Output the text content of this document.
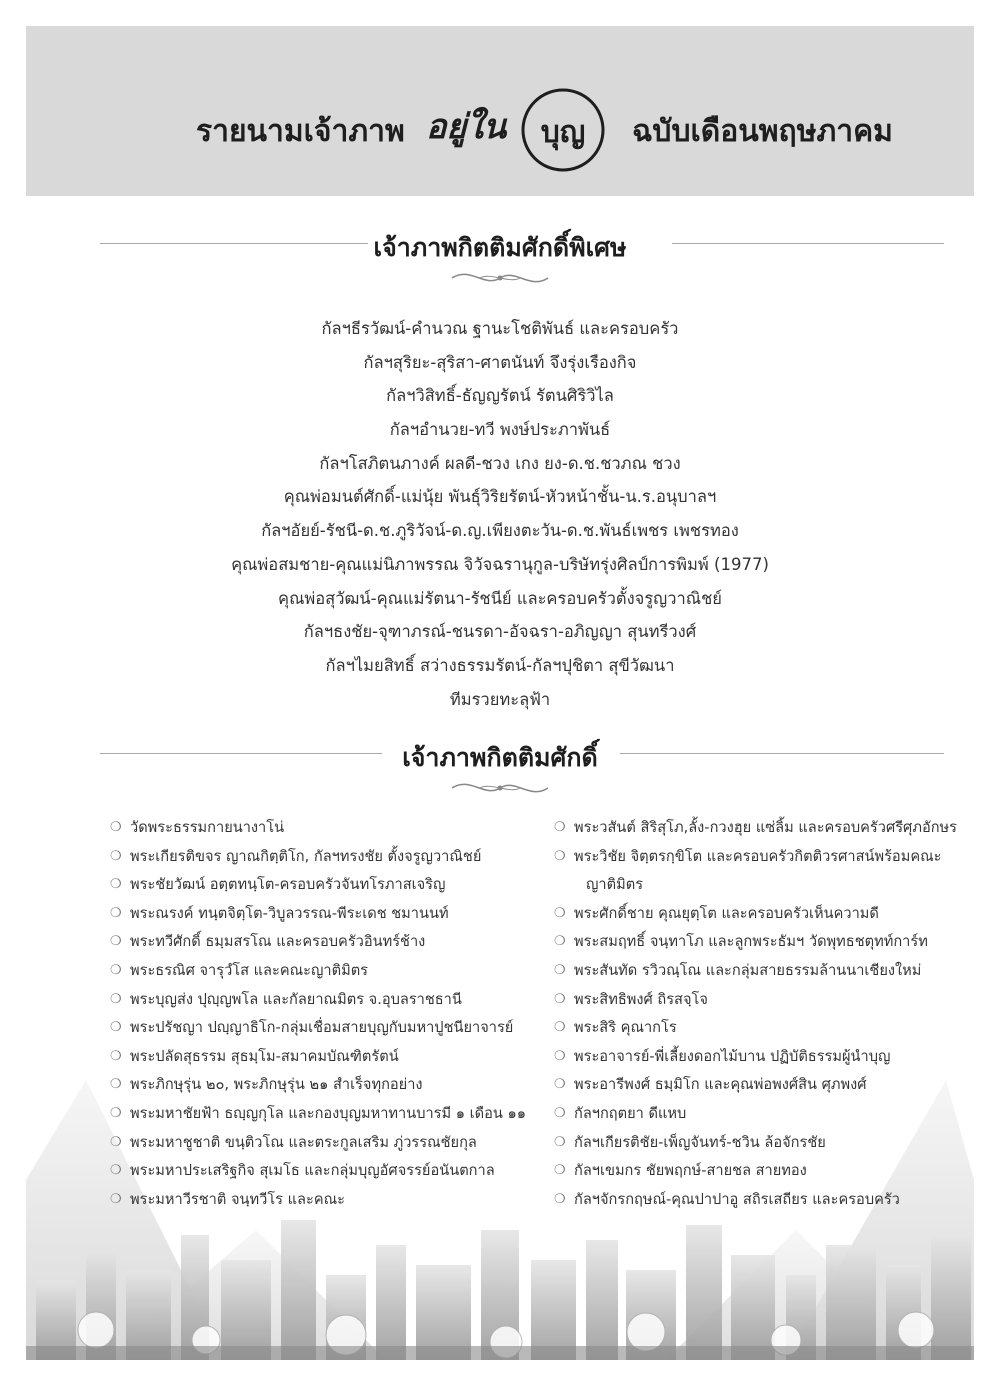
รายนามเจ้าภาพ อยู่ใน บุญ ฉบับเดือนพฤษภาคม
เจ้าภาพกิตติมศักดิ์พิเศษ
กัลฯธีรวัฒน์-คำนวณ ฐานะโชติพันธ์ และครอบครัว
กัลฯสุริยะ-สุริสา-ศาตนันท์ จึงรุ่งเรืองกิจ
กัลฯวิสิทธิ์-ธัญญรัตน์ รัตนศิริวิไล
กัลฯอำนวย-ทวี พงษ์ประภาพันธ์
กัลฯโสภิตนภางค์ ผลดี-ชวง เกง ยง-ด.ช.ชวภณ ชวง
คุณพ่อมนต์ศักดิ์-แม่นุ้ย พันธุ์วิริยรัตน์-หัวหน้าชั้น-น.ร.อนุบาลฯ
กัลฯอัยย์-รัชนี-ด.ช.ภูริวัจน์-ด.ญ.เพียงตะวัน-ด.ช.พันธ์เพชร เพชรทอง
คุณพ่อสมชาย-คุณแม่นิภาพรรณ จิวัจฉรานุกูล-บริษัทรุ่งศิลป์การพิมพ์ (1977)
คุณพ่อสุวัฒน์-คุณแม่รัตนา-รัชนีย์ และครอบครัวตั้งจรูญวาณิชย์
กัลฯธงชัย-จุฑาภรณ์-ชนรดา-อัจฉรา-อภิญญา สุนทรีวงศ์
กัลฯไมยสิทธิ์ สว่างธรรมรัตน์-กัลฯปุชิตา สุขีวัฒนา
ทีมรวยทะลุฟ้า
เจ้าภาพกิตติมศักดิ์
❍ วัดพระธรรมกายนางาโน่
❍ พระเกียรติขจร ญาณกิตฺติโก, กัลฯทรงชัย ตั้งจรูญวาณิชย์
❍ พระชัยวัฒน์ อตฺตทนฺโต-ครอบครัวจันทโรภาสเจริญ
❍ พระณรงค์ ทนฺตจิตฺโต-วิบูลวรรณ-พีระเดช ชมานนท์
❍ พระทวีศักดิ์ ธมฺมสรโณ และครอบครัวอินทร์ช้าง
❍ พระธรณิศ จารุวํโส และคณะญาติมิตร
❍ พระบุญส่ง ปุญฺญพโล และกัลยาณมิตร จ.อุบลราชธานี
❍ พระปรัชญา ปญฺญาธิโก-กลุ่มเชื่อมสายบุญกับมหาปูชนียาจารย์
❍ พระปลัดสุธรรม สุธมฺโม-สมาคมบัณฑิตรัตน์
❍ พระภิกษุรุ่น ๒๐, พระภิกษุรุ่น ๒๑ สำเร็จทุกอย่าง
❍ พระมหาชัยฟ้า ธญฺญกุโล และกองบุญมหาทานบารมี ๑ เดือน ๑๑
❍ พระมหาชูชาติ ขนฺติวโณ และตระกูลเสริม ภู่วรรณชัยกุล
❍ พระมหาประเสริฐกิจ สุเมโธ และกลุ่มบุญอัศจรรย์อนันตกาล
❍ พระมหาวีรชาติ จนฺทวีโร และคณะ
❍ พระวสันต์ สิริสุโภ,ลั้ง-กวงฮุย แซ่ลิ้ม และครอบครัวศรีศุภอักษร
❍ พระวิชัย จิตฺตรกฺขิโต และครอบครัวกิตติวรศาสน์พร้อมคณะ
ญาติมิตร
❍ พระศักดิ์ชาย คุณยุตฺโต และครอบครัวเห็นความดี
❍ พระสมฤทธิ์ จนฺทาโภ และลูกพระธัมฯ วัดพุทธชตุทท์การ์ท
❍ พระสันทัด รวิวณฺโณ และกลุ่มสายธรรมล้านนาเชียงใหม่
❍ พระสิทธิพงศ์ ถิรสจฺโจ
❍ พระสิริ คุณากโร
❍ พระอาจารย์-พี่เลี้ยงดอกไม้บาน ปฏิบัติธรรมผู้นำบุญ
❍ พระอารีพงศ์ ธมฺมิโก และคุณพ่อพงศ์สิน ศุภพงศ์
❍ กัลฯกฤตยา ดีแหบ
❍ กัลฯเกียรติชัย-เพ็ญจันทร์-ชวิน ล้อจักรชัย
❍ กัลฯเขมกร ชัยพฤกษ์-สายชล สายทอง
❍ กัลฯจักรกฤษณ์-คุณปาปาอู สถิรเสถียร และครอบครัว
